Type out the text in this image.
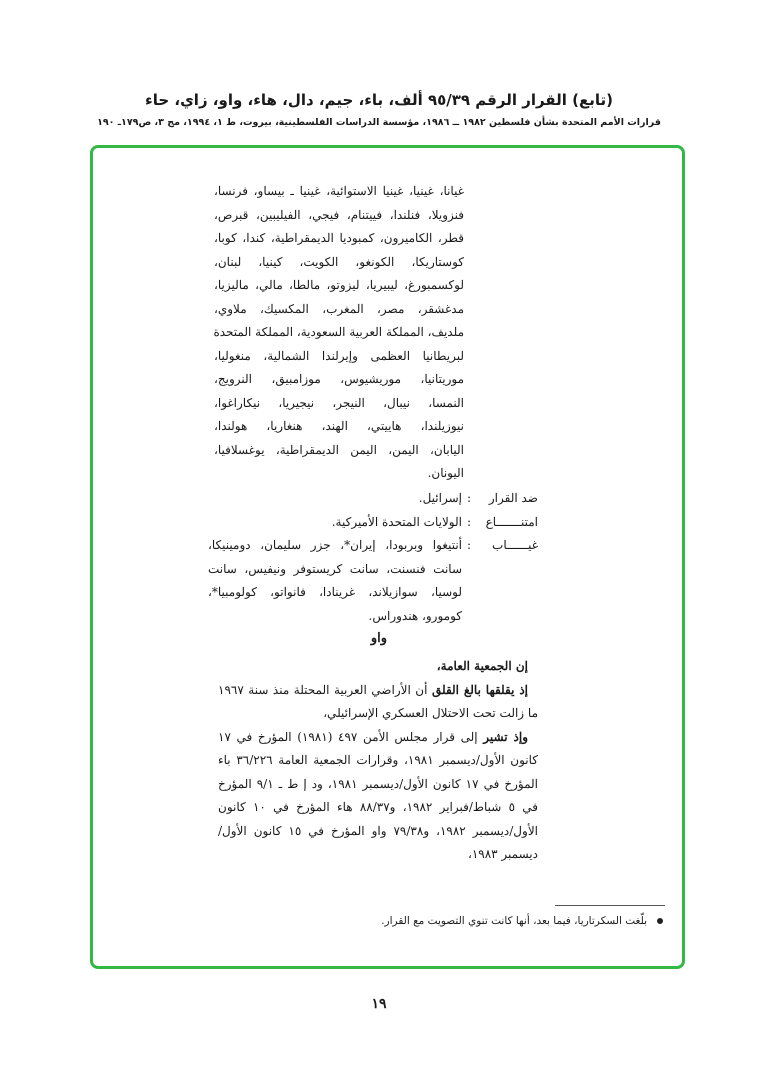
(تابع) القرار الرقم ٩٥/٣٩ ألف، باء، جيم، دال، هاء، واو، زاي، حاء
قرارات الأمم المتحدة بشأن فلسطين ١٩٨٢ ــ ١٩٨٦، مؤسسة الدراسات الفلسطينية، بيروت، ط ١، ١٩٩٤، مج ٣، ص١٧٩ـ ١٩٠
غيانا، غينيا، غينيا الاستوائية، غينيا ـ بيساو، فرنسا،
فنزويلا، فنلندا، فييتنام، فيجي، الفيليبين، قبرص،
قطر، الكاميرون، كمبوديا الديمقراطية، كندا، كوبا،
كوستاريكا، الكونغو، الكويت، كينيا، لبنان،
لوكسمبورغ، ليبيريا، ليزوتو، مالطا، مالي، ماليزيا،
مدغشقر، مصر، المغرب، المكسيك، ملاوي،
ملديف، المملكة العربية السعودية، المملكة المتحدة
لبريطانيا العظمى وإيرلندا الشمالية، منغوليا،
موريتانيا، موريشيوس، موزامبيق، النرويج،
النمسا، نيبال، النيجر، نيجيريا، نيكاراغوا،
نيوزيلندا، هاييتي، الهند، هنغاريا، هولندا،
اليابان، اليمن، اليمن الديمقراطية، يوغسلافيا،
اليونان.
ضد القرار
:
إسرائيل.
امتنـــــــاع
:
الولايات المتحدة الأميركية.
غيــــــاب
:
أنتيغوا وبربودا، إيران*، جزر سليمان، دومينيكا،
سانت فنسنت، سانت كريستوفر ونيفيس، سانت
لوسيا، سوازيلاند، غرينادا، فانواتو، كولومبيا*،
كومورو، هندوراس.
واو

إن الجمعية العامة،

إذ يقلقها بالغ القلق أن الأراضي العربية المحتلة منذ سنة ١٩٦٧

ما زالت تحت الاحتلال العسكري الإسرائيلي،

وإذ تشير إلى قرار مجلس الأمن ٤٩٧ (١٩٨١) المؤرخ في ١٧

كانون الأول/ديسمبر ١٩٨١، وقرارات الجمعية العامة ٣٦/٢٢٦ باء

المؤرخ في ١٧ كانون الأول/ديسمبر ١٩٨١، ود إ ط ـ ٩/١ المؤرخ

في ٥ شباط/فبراير ١٩٨٢، و٨٨/٣٧ هاء المؤرخ في ١٠ كانون

الأول/ديسمبر ١٩٨٢، و٧٩/٣٨ واو المؤرخ في ١٥ كانون الأول/

ديسمبر ١٩٨٣،

بلّغت السكرتاريا، فيما بعد، أنها كانت تنوي التصويت مع القرار.
١٩
